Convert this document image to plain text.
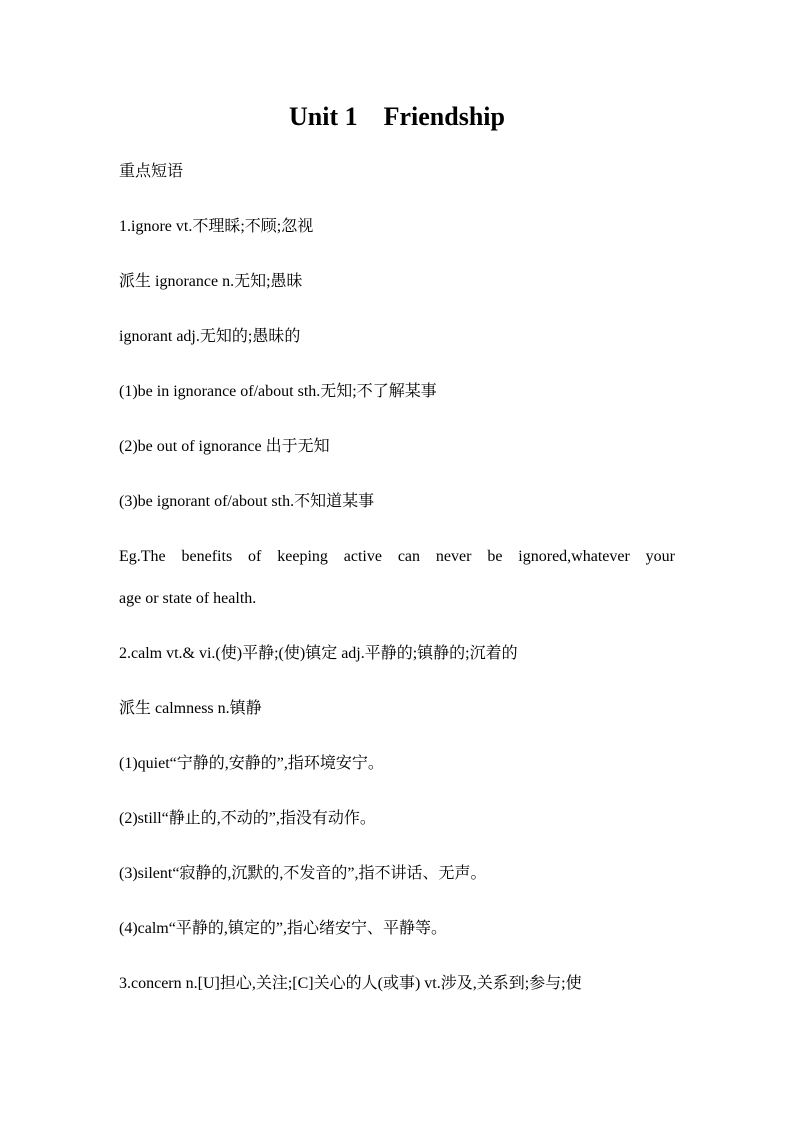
Unit 1    Friendship
重点短语
1.ignore vt.不理睬;不顾;忽视
派生 ignorance n.无知;愚昧
ignorant adj.无知的;愚昧的
(1)be in ignorance of/about sth.无知;不了解某事
(2)be out of ignorance 出于无知
(3)be ignorant of/about sth.不知道某事
Eg.The benefits of keeping active can never be ignored,whatever your
age or state of health.
2.calm vt.& vi.(使)平静;(使)镇定 adj.平静的;镇静的;沉着的
派生 calmness n.镇静
(1)quiet“宁静的,安静的”,指环境安宁。
(2)still“静止的,不动的”,指没有动作。
(3)silent“寂静的,沉默的,不发音的”,指不讲话、无声。
(4)calm“平静的,镇定的”,指心绪安宁、平静等。
3.concern n.[U]担心,关注;[C]关心的人(或事) vt.涉及,关系到;参与;使
